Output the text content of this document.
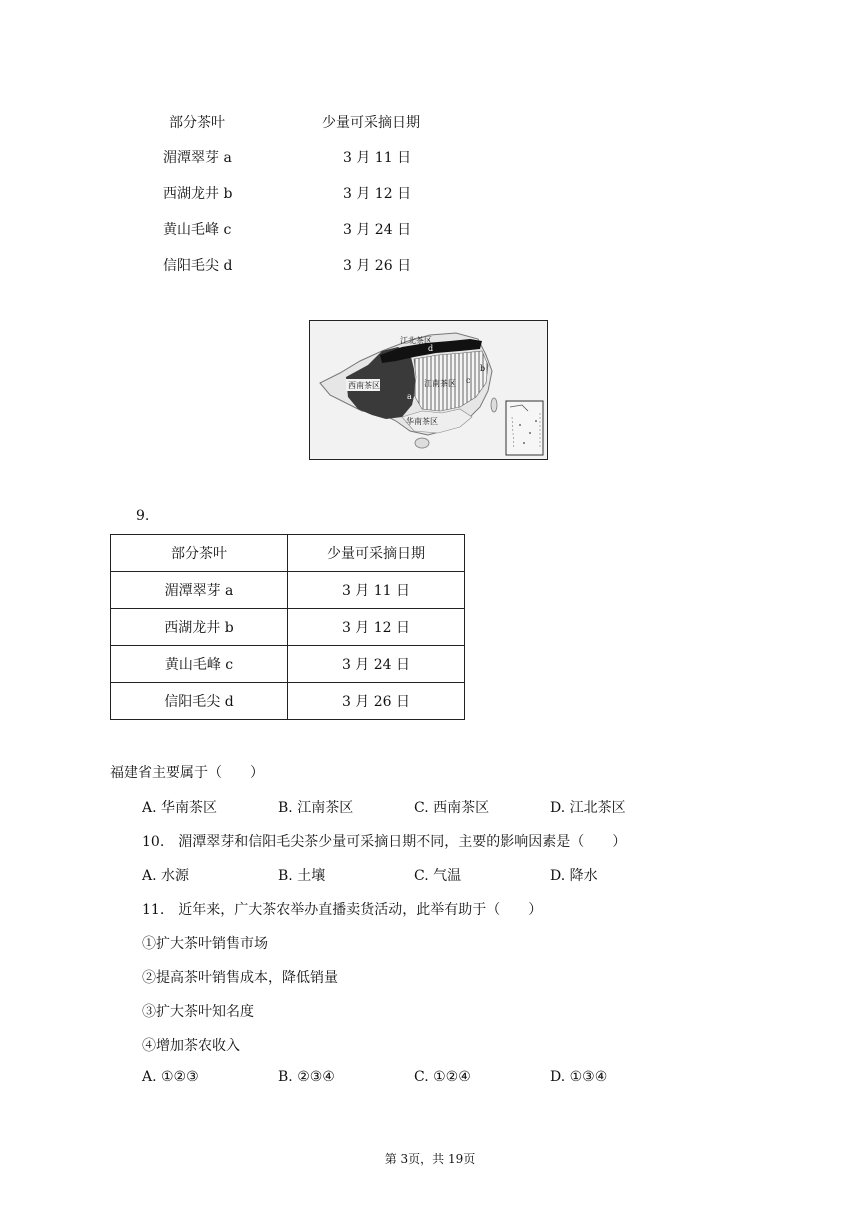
部分茶叶	少量可采摘日期
湄潭翠芽 a	3 月 11 日
西湖龙井 b	3 月 12 日
黄山毛峰 c	3 月 24 日
信阳毛尖 d	3 月 26 日
江北茶区
西南茶区	江南茶区
华南茶区
a
b
c
d
9.
部分茶叶	少量可采摘日期
湄潭翠芽 a	3 月 11 日
西湖龙井 b	3 月 12 日
黄山毛峰 c	3 月 24 日
信阳毛尖 d	3 月 26 日
福建省主要属于（　　）
A. 华南茶区	B. 江南茶区	C. 西南茶区	D. 江北茶区
10.　湄潭翠芽和信阳毛尖茶少量可采摘日期不同，主要的影响因素是（　　）
A. 水源	B. 土壤	C. 气温	D. 降水
11.　近年来，广大茶农举办直播卖货活动，此举有助于（　　）
①扩大茶叶销售市场
②提高茶叶销售成本，降低销量
③扩大茶叶知名度
④增加茶农收入
A. ①②③	B. ②③④	C. ①②④	D. ①③④
第 3页，共 19页
